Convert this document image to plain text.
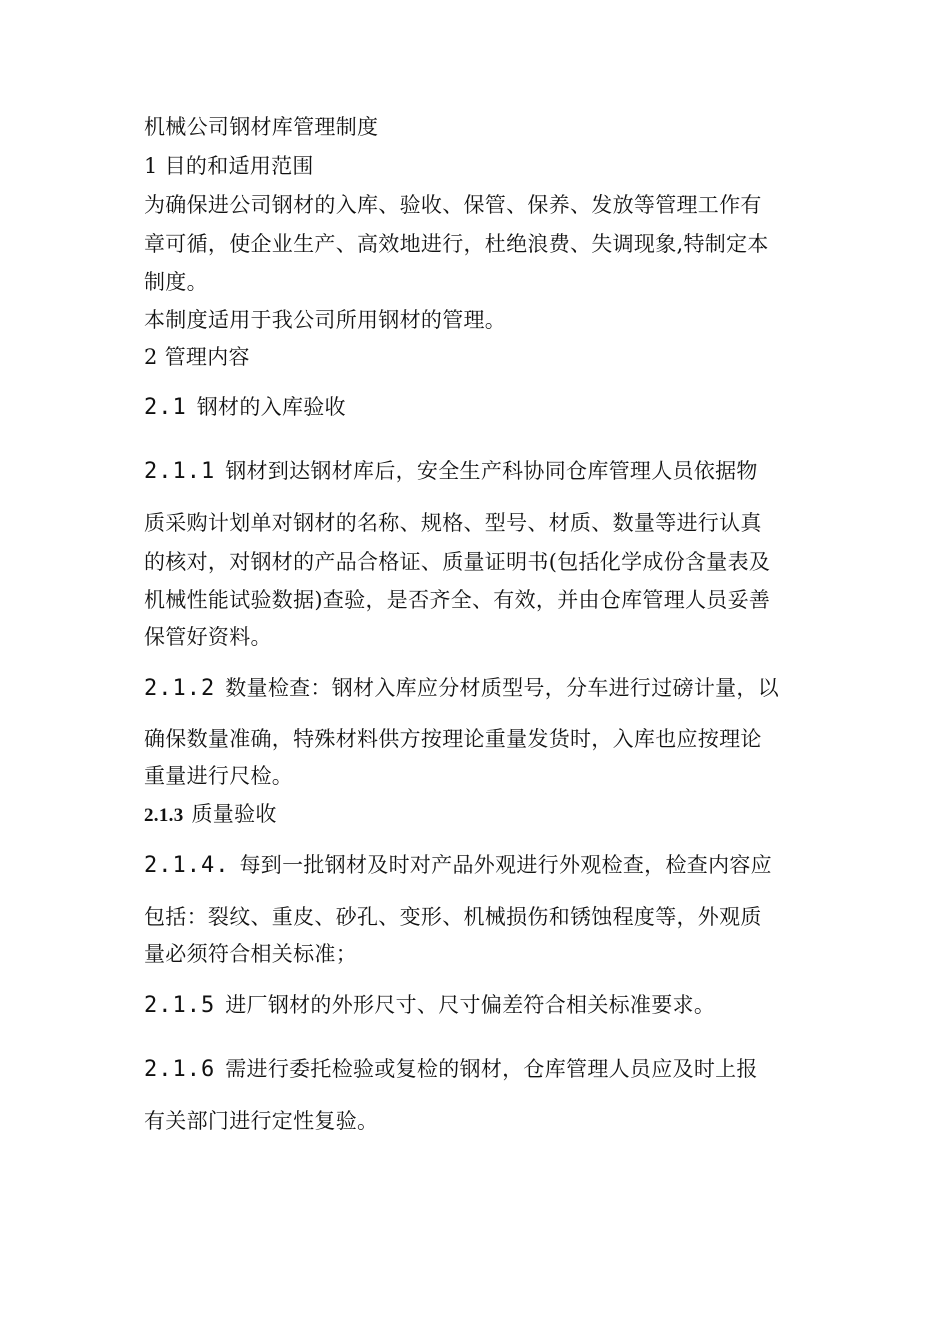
机械公司钢材库管理制度
1 目的和适用范围
为确保进公司钢材的入库、验收、保管、保养、发放等管理工作有
章可循，使企业生产、高效地进行，杜绝浪费、失调现象,特制定本
制度。
本制度适用于我公司所用钢材的管理。
2 管理内容
2.1 钢材的入库验收
2.1.1 钢材到达钢材库后，安全生产科协同仓库管理人员依据物
质采购计划单对钢材的名称、规格、型号、材质、数量等进行认真
的核对，对钢材的产品合格证、质量证明书(包括化学成份含量表及
机械性能试验数据)查验，是否齐全、有效，并由仓库管理人员妥善
保管好资料。
2.1.2 数量检查：钢材入库应分材质型号，分车进行过磅计量，以
确保数量准确，特殊材料供方按理论重量发货时，入库也应按理论
重量进行尺检。
2.1.3 质量验收
2.1.4. 每到一批钢材及时对产品外观进行外观检查，检查内容应
包括：裂纹、重皮、砂孔、变形、机械损伤和锈蚀程度等，外观质
量必须符合相关标准；
2.1.5 进厂钢材的外形尺寸、尺寸偏差符合相关标准要求。
2.1.6 需进行委托检验或复检的钢材，仓库管理人员应及时上报
有关部门进行定性复验。
